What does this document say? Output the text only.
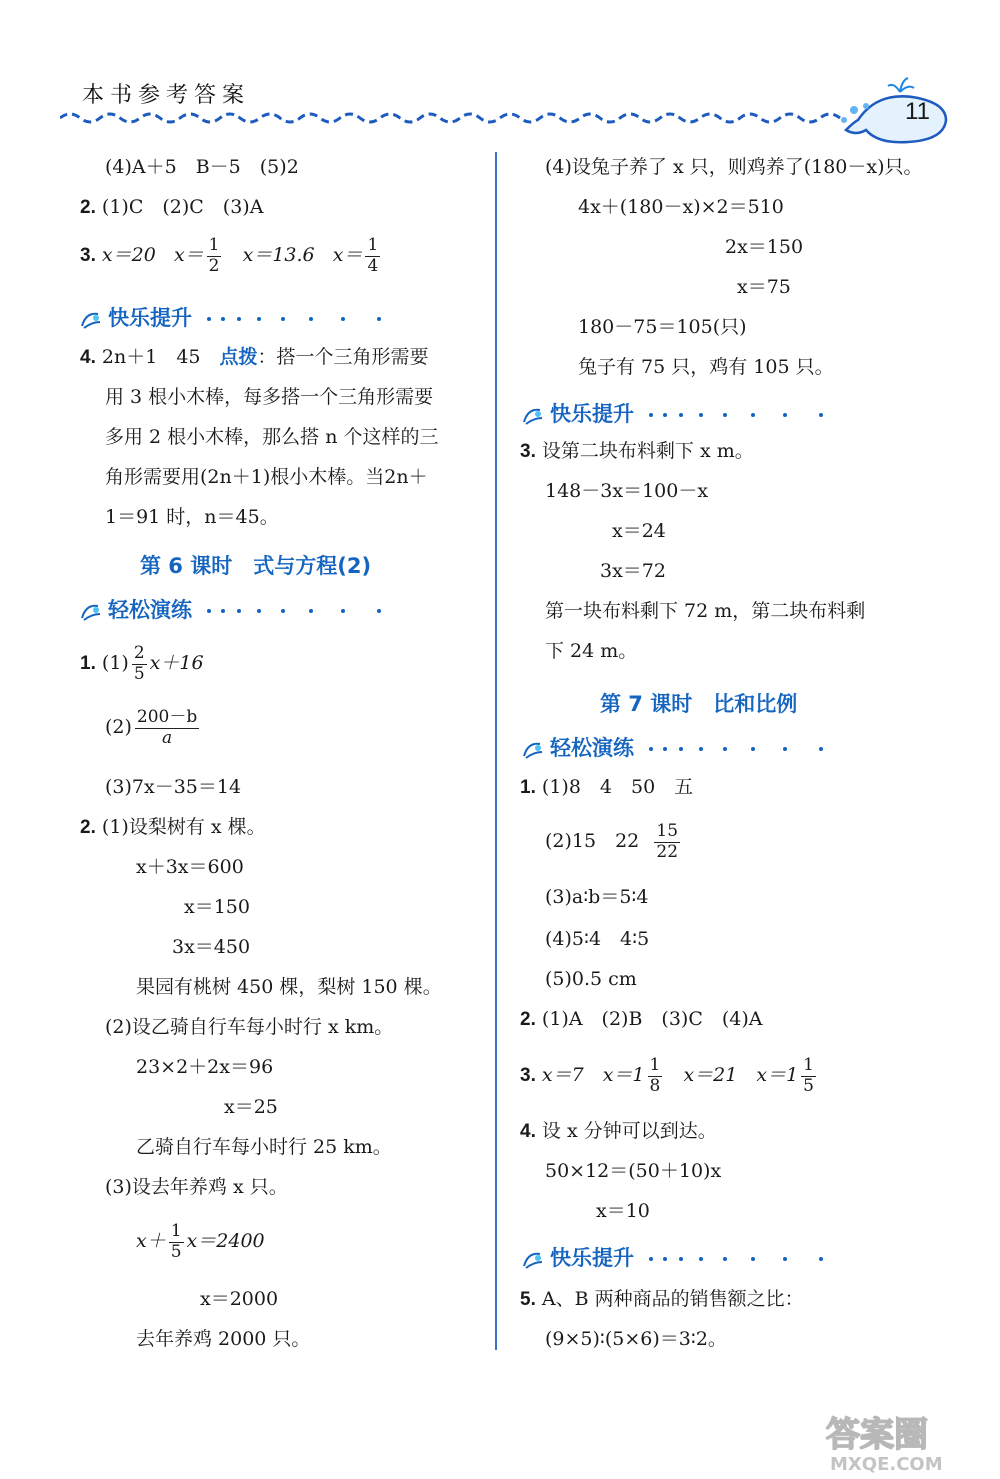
本书参考答案
11
(4)A＋5　B－5　(5)2
2. (1)C　(2)C　(3)A
3. x＝20 $x= \frac{1}{2} x=13.6$ $x= \frac{1}{4}$
快乐提升
4. 2n＋1　45　点拨：搭一个三角形需要
用 3 根小木棒，每多搭一个三角形需要
多用 2 根小木棒，那么搭 n 个这样的三
角形需要用(2n＋1)根小木棒。当2n＋
1＝91 时，n＝45。
第 6 课时　式与方程(2)
轻松演练
1. $(1) \frac{2}{5} x+16$
$(2) \frac{200-b}{a}$
(3)7x－35＝14
2. (1)设梨树有 x 棵。
x＋3x＝600
x＝150
3x＝450
果园有桃树 450 棵，梨树 150 棵。
(2)设乙骑自行车每小时行 x km。
23×2＋2x＝96
x＝25
乙骑自行车每小时行 25 km。
(3)设去年养鸡 x 只。
$x+ \frac{1}{5} x=2400$
x＝2000
去年养鸡 2000 只。
(4)设兔子养了 x 只，则鸡养了(180－x)只。
4x＋(180－x)×2＝510
2x＝150
x＝75
180－75＝105(只)
兔子有 75 只，鸡有 105 只。
快乐提升
3. 设第二块布料剩下 x m。
148－3x＝100－x
x＝24
3x＝72
第一块布料剩下 72 m，第二块布料剩
下 24 m。
第 7 课时　比和比例
轻松演练
1. (1)8　4　50　五
(2)15　$22 \frac{15}{22}$
(3)a∶b＝5∶4
(4)5∶4　4∶5
(5)0.5 cm
2. (1)A　(2)B　(3)C　(4)A
3. x＝7　$x=1 \frac{1}{8} x=21$　$x=1 \frac{1}{5}$
4. 设 x 分钟可以到达。
50×12＝(50＋10)x
x＝10
快乐提升
5. A、B 两种商品的销售额之比：
(9×5)∶(5×6)＝3∶2。
答案圈
MXQE.COM
